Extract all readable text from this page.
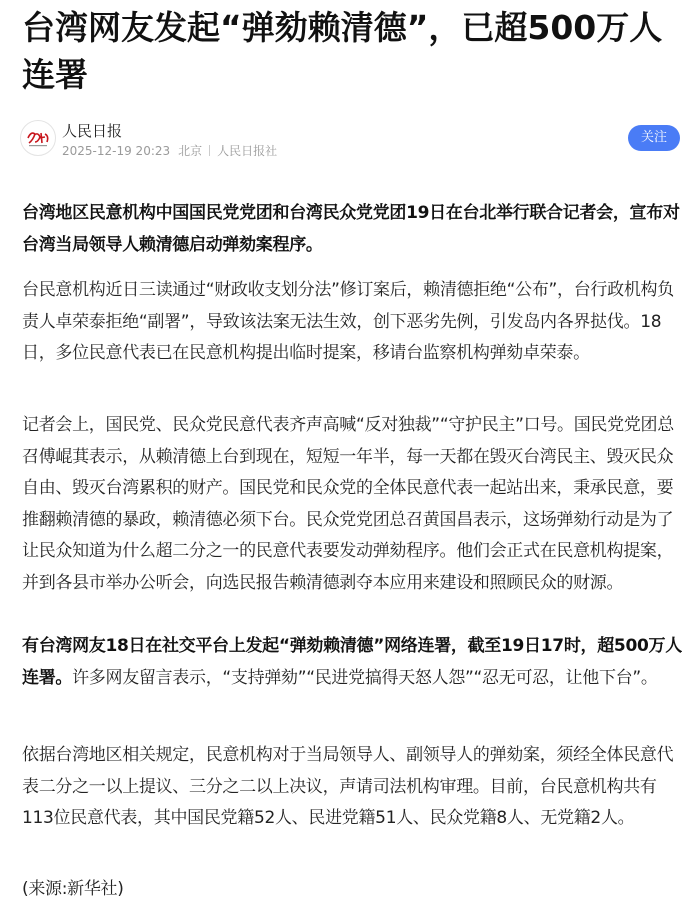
台湾网友发起“弹劾赖清德”，已超500万人连署
人民日报
2025-12-19 20:23 北京 人民日报社
关注

台湾地区民意机构中国国民党党团和台湾民众党党团19日在台北举行联合记者会，宣布对台湾当局领导人赖清德启动弹劾案程序。

台民意机构近日三读通过“财政收支划分法”修订案后，赖清德拒绝“公布”，台行政机构负责人卓荣泰拒绝“副署”，导致该法案无法生效，创下恶劣先例，引发岛内各界挞伐。18日，多位民意代表已在民意机构提出临时提案，移请台监察机构弹劾卓荣泰。

记者会上，国民党、民众党民意代表齐声高喊“反对独裁”“守护民主”口号。国民党党团总召傅崐萁表示，从赖清德上台到现在，短短一年半，每一天都在毁灭台湾民主、毁灭民众自由、毁灭台湾累积的财产。国民党和民众党的全体民意代表一起站出来，秉承民意，要推翻赖清德的暴政，赖清德必须下台。民众党党团总召黄国昌表示，这场弹劾行动是为了让民众知道为什么超二分之一的民意代表要发动弹劾程序。他们会正式在民意机构提案，并到各县市举办公听会，向选民报告赖清德剥夺本应用来建设和照顾民众的财源。

有台湾网友18日在社交平台上发起“弹劾赖清德”网络连署，截至19日17时，超500万人连署。许多网友留言表示，“支持弹劾”“民进党搞得天怒人怨”“忍无可忍，让他下台”。

依据台湾地区相关规定，民意机构对于当局领导人、副领导人的弹劾案，须经全体民意代表二分之一以上提议、三分之二以上决议，声请司法机构审理。目前，台民意机构共有113位民意代表，其中国民党籍52人、民进党籍51人、民众党籍8人、无党籍2人。

(来源:新华社)
